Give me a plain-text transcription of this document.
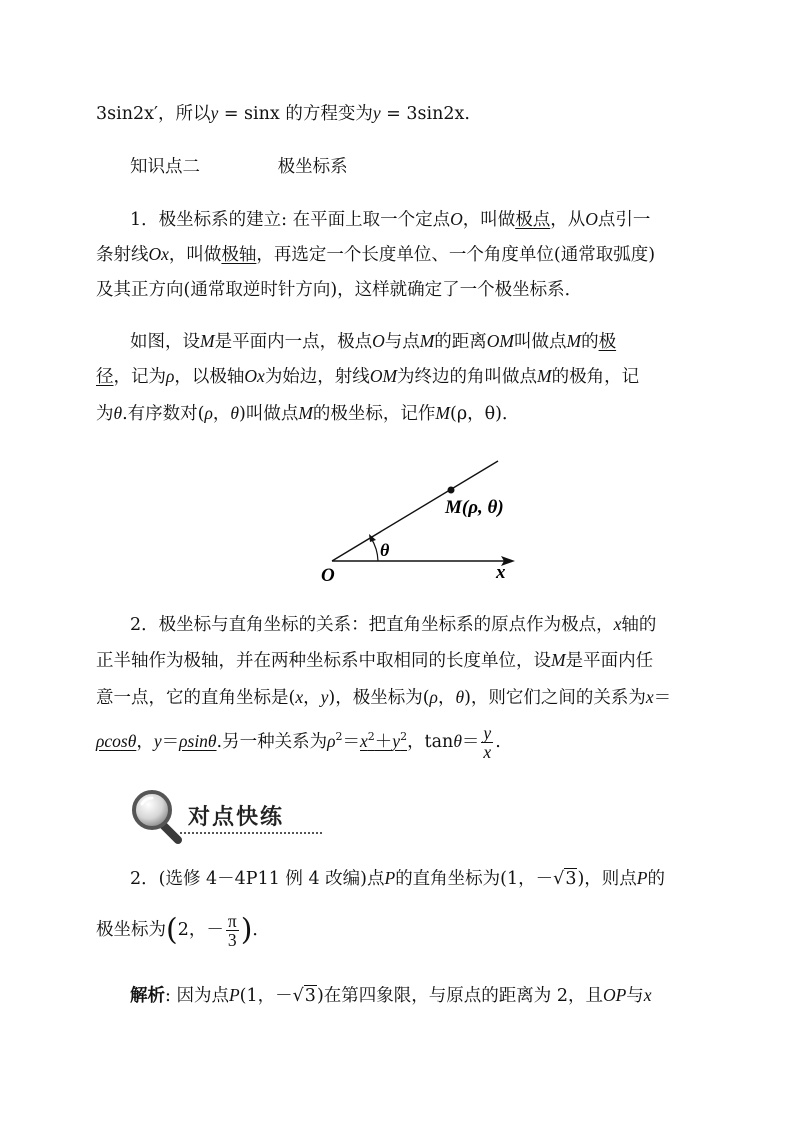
3sin2x′，所以y = sinx 的方程变为y = 3sin2x.
知识点二	极坐标系
1．极坐标系的建立: 在平面上取一个定点O，叫做极点，从O点引一
条射线Ox，叫做极轴，再选定一个长度单位、一个角度单位(通常取弧度)
及其正方向(通常取逆时针方向)，这样就确定了一个极坐标系．
如图，设M是平面内一点，极点O与点M的距离OM叫做点M的极
径，记为ρ，以极轴Ox为始边，射线OM为终边的角叫做点M的极角，记
为θ.有序数对(ρ，θ)叫做点M的极坐标，记作M(ρ，θ)．
O
M(ρ, θ)
θ
x
2．极坐标与直角坐标的关系：把直角坐标系的原点作为极点，x轴的
正半轴作为极轴，并在两种坐标系中取相同的长度单位，设M是平面内任
意一点，它的直角坐标是(x，y)，极坐标为(ρ，θ)，则它们之间的关系为x＝
ρcosθ，y＝ρsinθ.另一种关系为$\rho^2=x^2+y^2$，$\tan\theta= \frac{y}{x}$ .
对点快练
2．(选修 4－4P11 例 4 改编)点P的直角坐标为(1，－√3)，则点P的
极坐标为(2，－ $\frac{\pi}{3}$ )．
解析: 因为点P(1，－√3)在第四象限，与原点的距离为 2，且OP与x
